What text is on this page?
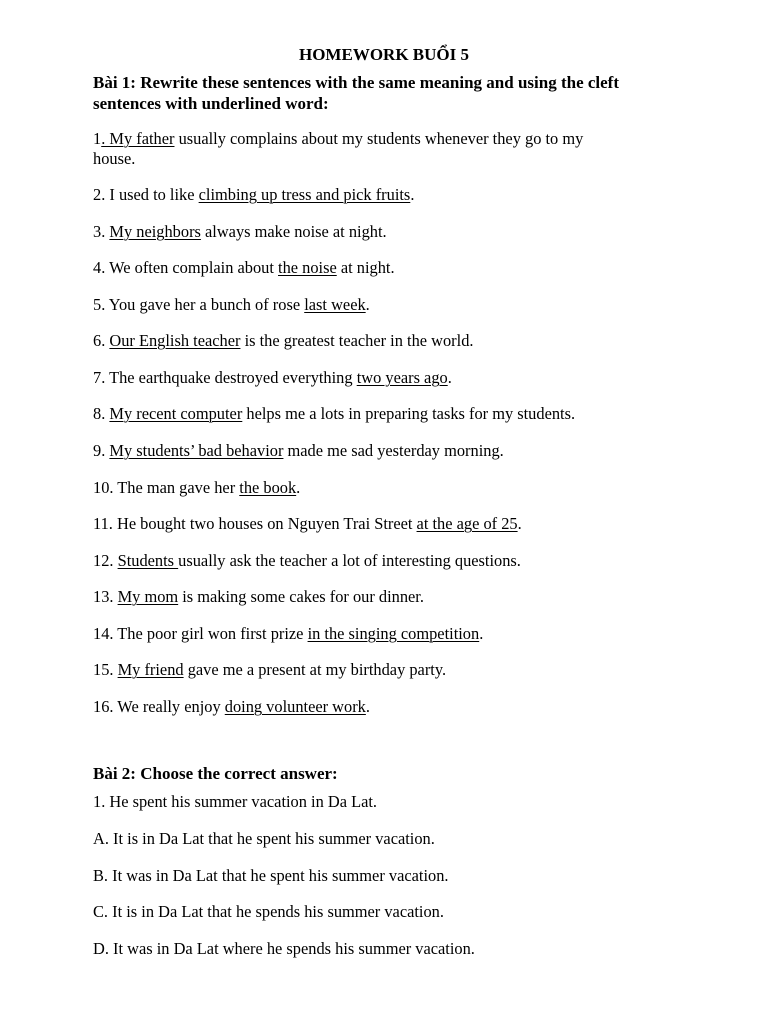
HOMEWORK BUỔI 5
Bài 1: Rewrite these sentences with the same meaning and using the cleft
sentences with underlined word:
1. My father usually complains about my students whenever they go to my
house.
2. I used to like climbing up tress and pick fruits.
3. My neighbors always make noise at night.
4. We often complain about the noise at night.
5. You gave her a bunch of rose last week.
6. Our English teacher is the greatest teacher in the world.
7. The earthquake destroyed everything two years ago.
8. My recent computer helps me a lots in preparing tasks for my students.
9. My students’ bad behavior made me sad yesterday morning.
10. The man gave her the book.
11. He bought two houses on Nguyen Trai Street at the age of 25.
12. Students usually ask the teacher a lot of interesting questions.
13. My mom is making some cakes for our dinner.
14. The poor girl won first prize in the singing competition.
15. My friend gave me a present at my birthday party.
16. We really enjoy doing volunteer work.
Bài 2: Choose the correct answer:
1. He spent his summer vacation in Da Lat.
A. It is in Da Lat that he spent his summer vacation.
B. It was in Da Lat that he spent his summer vacation.
C. It is in Da Lat that he spends his summer vacation.
D. It was in Da Lat where he spends his summer vacation.
